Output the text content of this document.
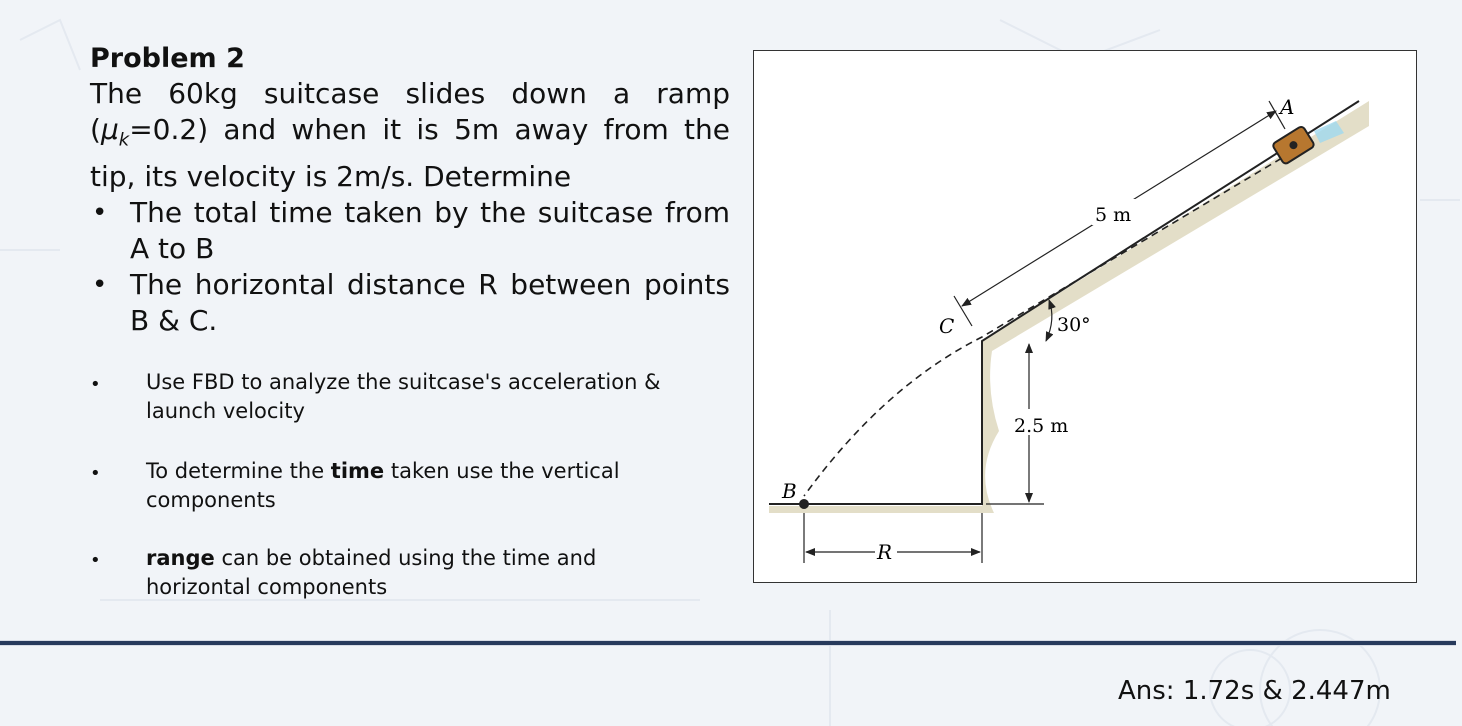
Problem 2

The 60kg suitcase slides down a ramp $(\mu_k=0.2)$ and when it is 5m away from the tip, its velocity is 2m/s. Determine

• The total time taken by the suitcase from A to B
• The horizontal distance R between points B & C.
• Use FBD to analyze the suitcase's acceleration & launch velocity
• To determine the time taken use the vertical components
• range can be obtained using the time and horizontal components
5 m
30°
2.5 m
R
B
C
A
Ans: 1.72s & 2.447m
